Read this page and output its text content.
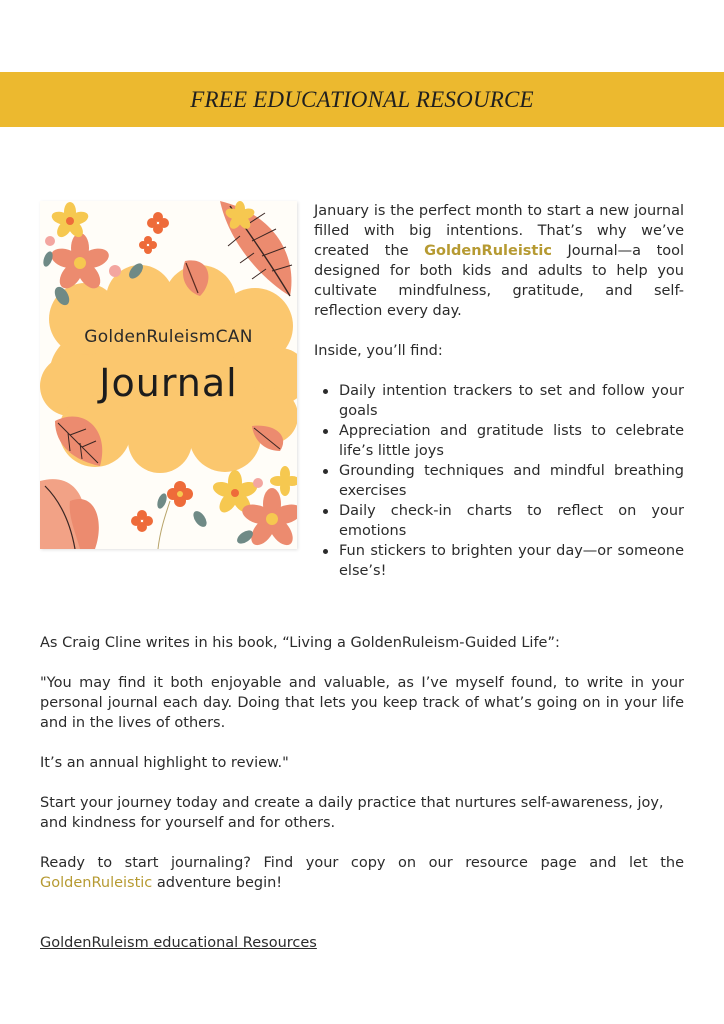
FREE EDUCATIONAL RESOURCE
GoldenRuleismCAN
Journal

January is the perfect month to start a new journal filled with big intentions. That’s why we’ve created the GoldenRuleistic Journal—a tool designed for both kids and adults to help you cultivate mindfulness, gratitude, and self-reflection every day.

Inside, you’ll find:

Daily intention trackers to set and follow your goals
Appreciation and gratitude lists to celebrate life’s little joys
Grounding techniques and mindful breathing exercises
Daily check-in charts to reflect on your emotions
Fun stickers to brighten your day—or someone else’s!

As Craig Cline writes in his book, “Living a GoldenRuleism-Guided Life”:

"You may find it both enjoyable and valuable, as I’ve myself found, to write in your personal journal each day. Doing that lets you keep track of what’s going on in your life and in the lives of others.

It’s an annual highlight to review."

Start your journey today and create a daily practice that nurtures self-awareness, joy, and kindness for yourself and for others.

Ready to start journaling? Find your copy on our resource page and let the GoldenRuleistic adventure begin!

GoldenRuleism educational Resources
